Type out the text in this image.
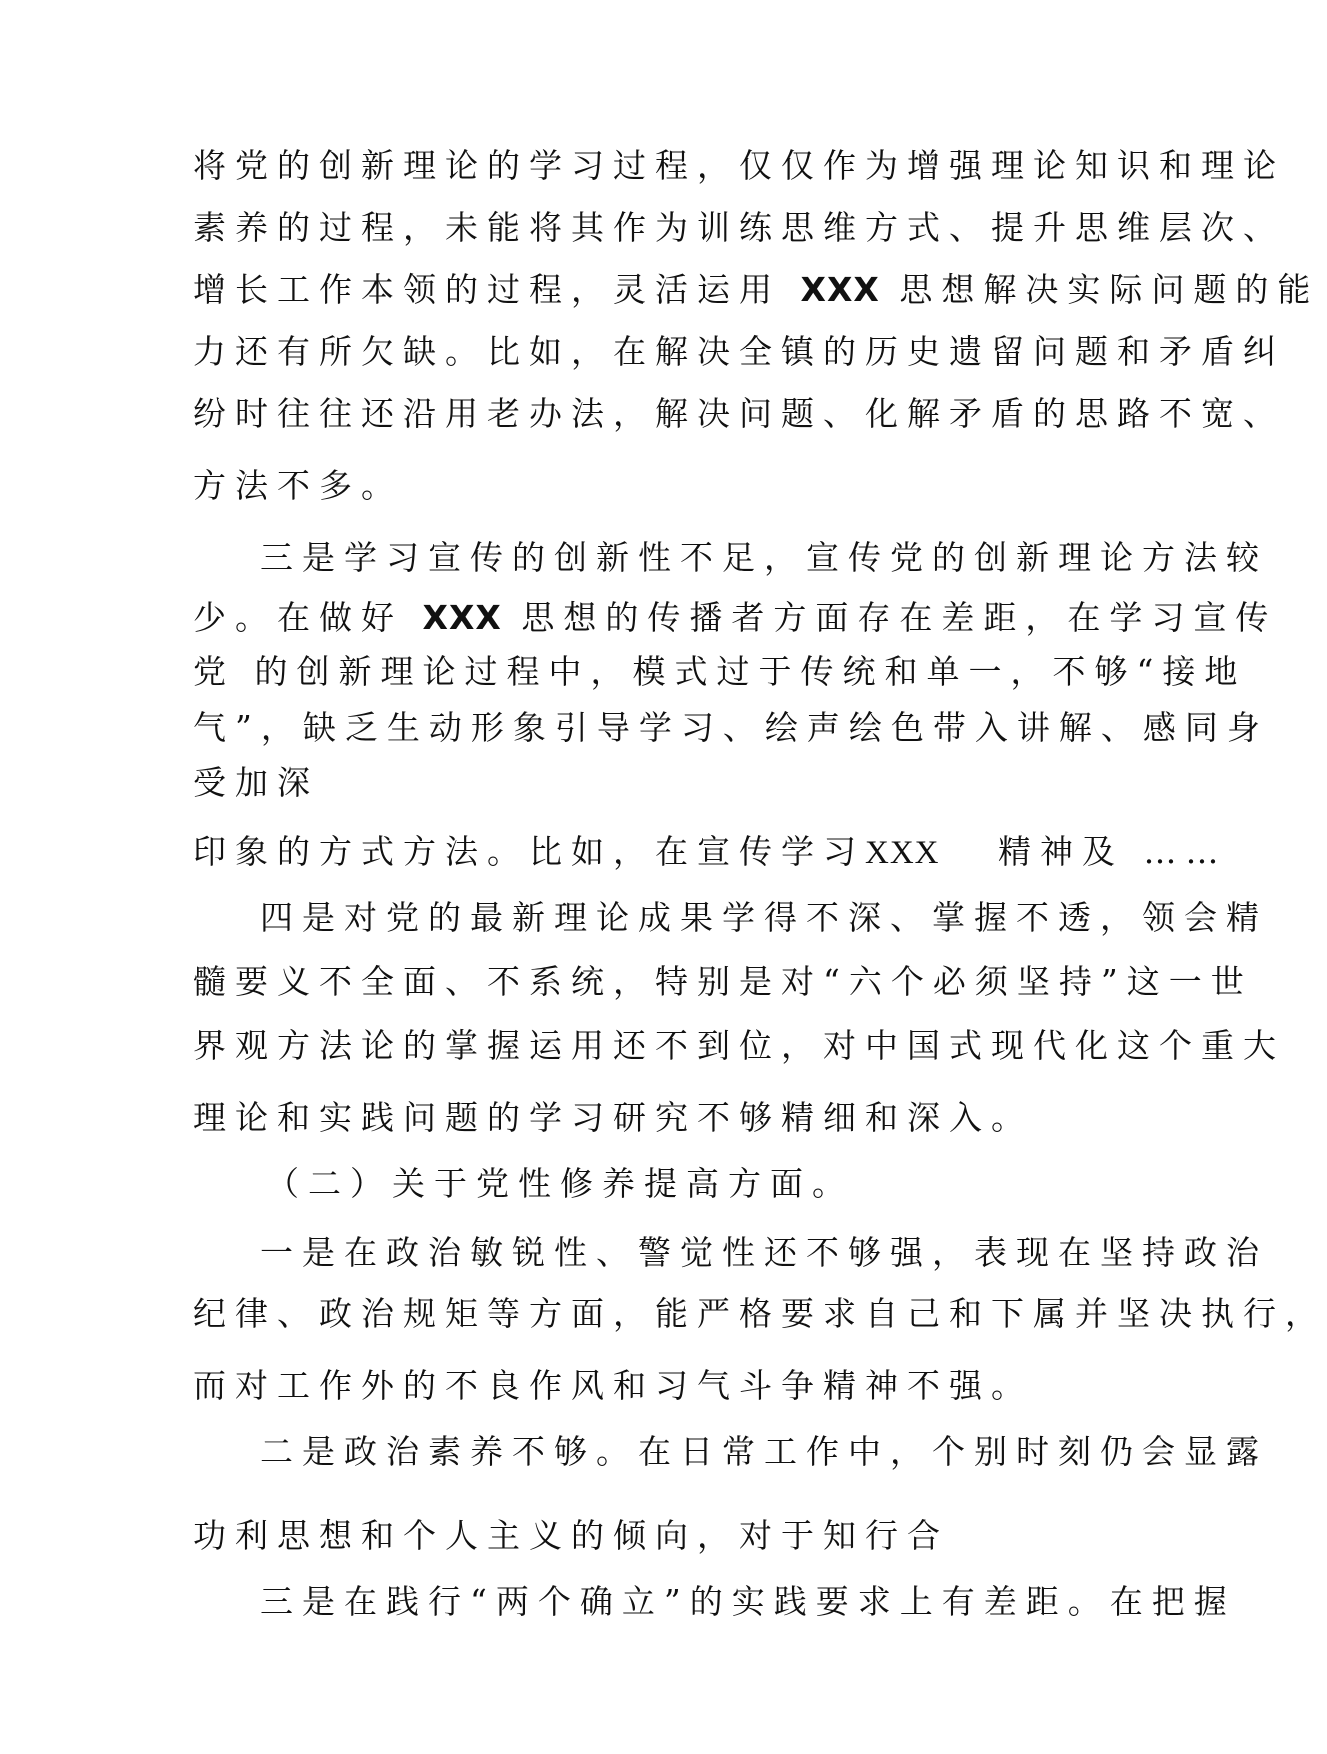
将党的创新理论的学习过程，仅仅作为增强理论知识和理论
素养的过程，未能将其作为训练思维方式、提升思维层次、
增长工作本领的过程，灵活运用 XXX 思想解决实际问题的能
力还有所欠缺。比如，在解决全镇的历史遗留问题和矛盾纠
纷时往往还沿用老办法，解决问题、化解矛盾的思路不宽、
方法不多。
三是学习宣传的创新性不足，宣传党的创新理论方法较
少。在做好 XXX 思想的传播者方面存在差距，在学习宣传
党 的创新理论过程中，模式过于传统和单一，不够“接地
气”，缺乏生动形象引导学习、绘声绘色带入讲解、感同身
受加深
印象的方式方法。比如，在宣传学习XXX 精神及 ……
四是对党的最新理论成果学得不深、掌握不透，领会精
髓要义不全面、不系统，特别是对“六个必须坚持”这一世
界观方法论的掌握运用还不到位，对中国式现代化这个重大
理论和实践问题的学习研究不够精细和深入。
（二）关于党性修养提高方面。
一是在政治敏锐性、警觉性还不够强，表现在坚持政治
纪律、政治规矩等方面，能严格要求自己和下属并坚决执行，
而对工作外的不良作风和习气斗争精神不强。
二是政治素养不够。在日常工作中，个别时刻仍会显露
功利思想和个人主义的倾向，对于知行合
三是在践行“两个确立”的实践要求上有差距。在把握
